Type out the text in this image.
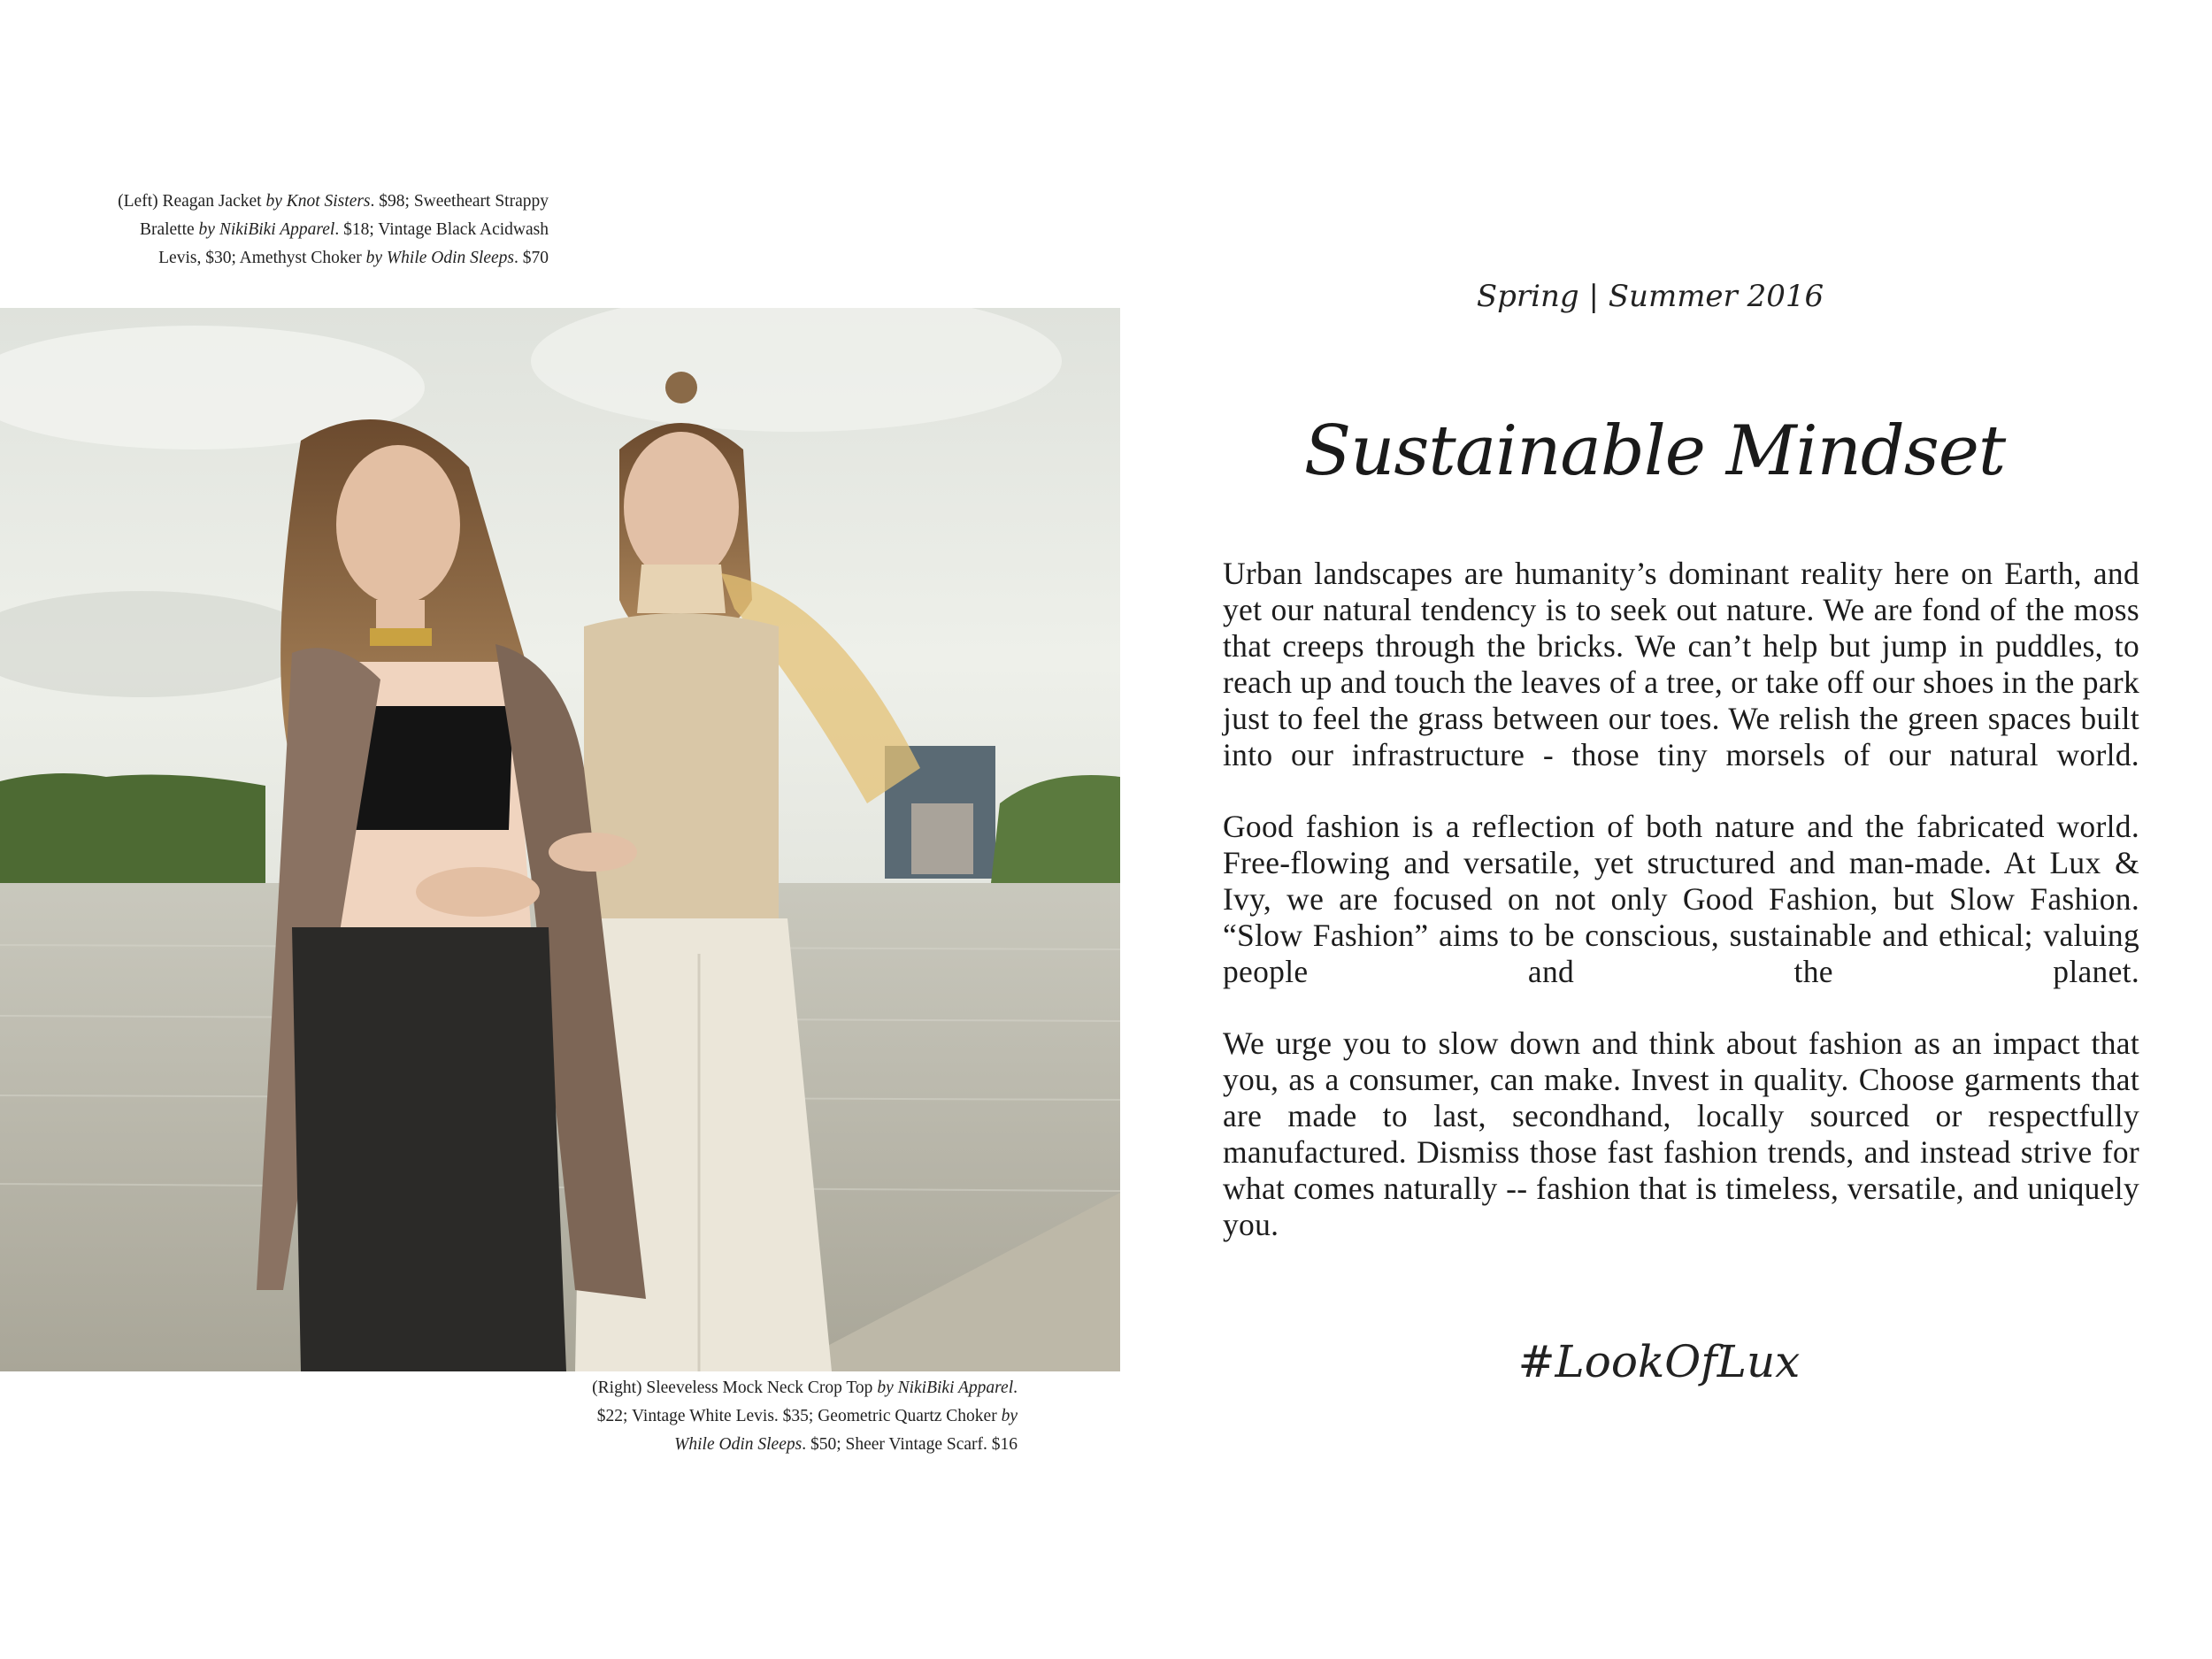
(Left) Reagan Jacket by Knot Sisters. $98; Sweetheart Strappy Bralette by NikiBiki Apparel. $18; Vintage Black Acidwash Levis, $30; Amethyst Choker by While Odin Sleeps. $70
(Right) Sleeveless Mock Neck Crop Top by NikiBiki Apparel. $22; Vintage White Levis. $35; Geometric Quartz Choker by While Odin Sleeps. $50; Sheer Vintage Scarf. $16
Spring | Summer 2016
Sustainable Mindset

Urban landscapes are humanity’s dominant reality here on Earth, and yet our natural tendency is to seek out nature. We are fond of the moss that creeps through the bricks. We can’t help but jump in puddles, to reach up and touch the leaves of a tree, or take off our shoes in the park just to feel the grass between our toes. We relish the green spaces built into our infrastructure - those tiny morsels of our natural world.

Good fashion is a reflection of both nature and the fabricated world. Free-flowing and versatile, yet structured and man-made. At Lux & Ivy, we are focused on not only Good Fashion, but Slow Fashion. “Slow Fashion” aims to be conscious, sustainable and ethical; valuing people and the planet.

We urge you to slow down and think about fashion as an impact that you, as a consumer, can make. Invest in quality. Choose garments that are made to last, secondhand, locally sourced or respectfully manufactured. Dismiss those fast fashion trends, and instead strive for what comes naturally -- fashion that is timeless, versatile, and uniquely you.

#LookOfLux
